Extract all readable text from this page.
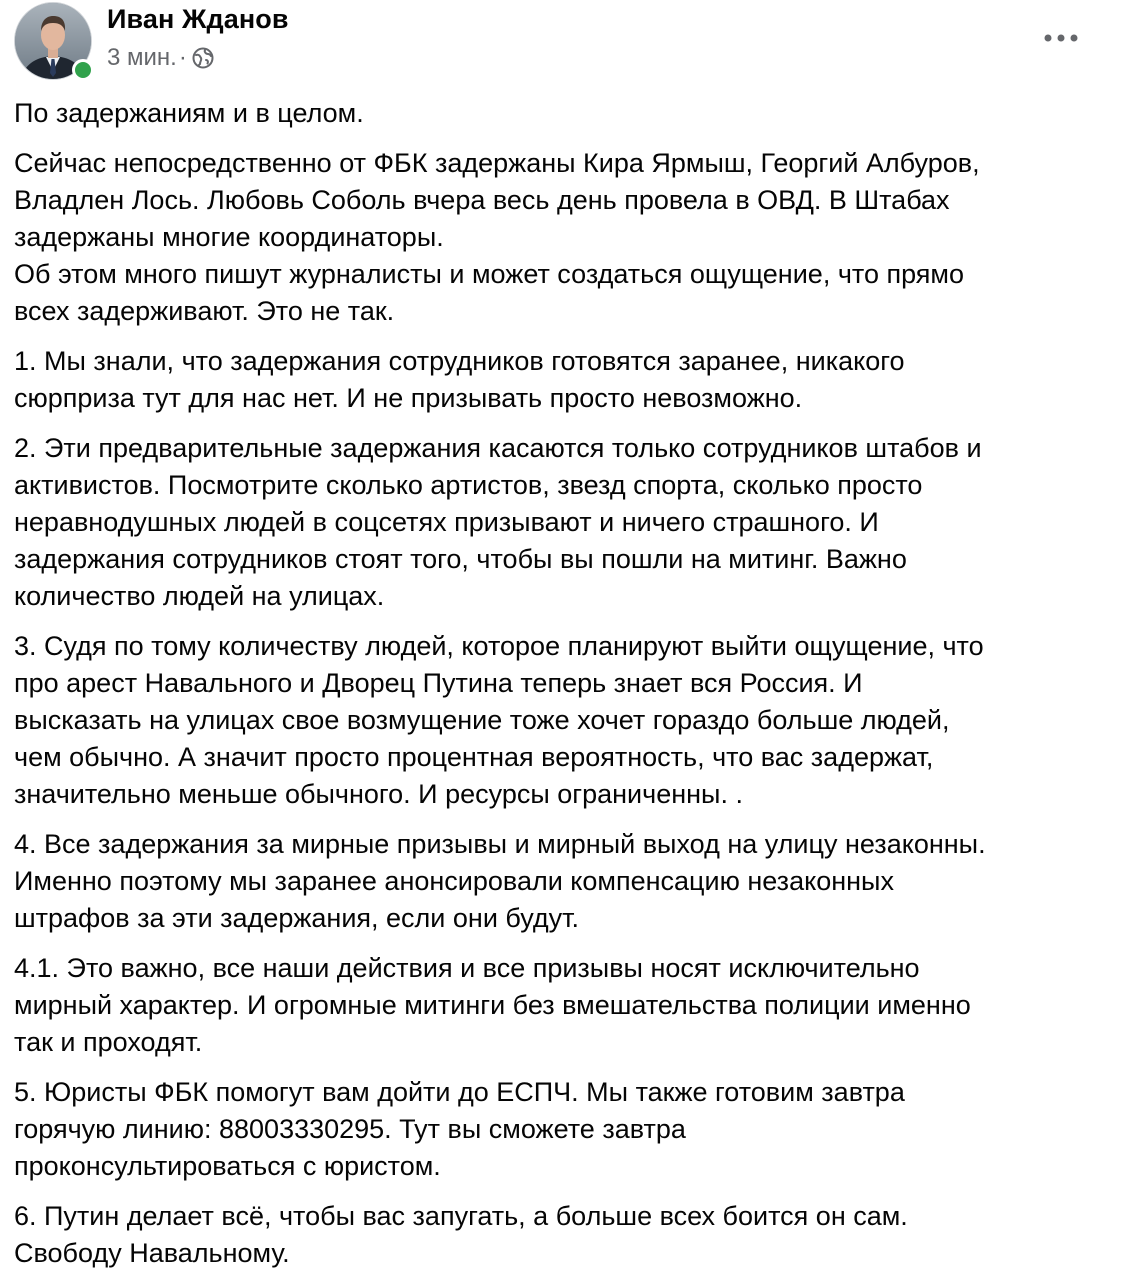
Иван Жданов
3 мин. ·

По задержаниям и в целом.

Сейчас непосредственно от ФБК задержаны Кира Ярмыш, Георгий Албуров,
Владлен Лось. Любовь Соболь вчера весь день провела в ОВД. В Штабах
задержаны многие координаторы.
Об этом много пишут журналисты и может создаться ощущение, что прямо
всех задерживают. Это не так.

1. Мы знали, что задержания сотрудников готовятся заранее, никакого
сюрприза тут для нас нет. И не призывать просто невозможно.

2. Эти предварительные задержания касаются только сотрудников штабов и
активистов. Посмотрите сколько артистов, звезд спорта, сколько просто
неравнодушных людей в соцсетях призывают и ничего страшного. И
задержания сотрудников стоят того, чтобы вы пошли на митинг. Важно
количество людей на улицах.

3. Судя по тому количеству людей, которое планируют выйти ощущение, что
про арест Навального и Дворец Путина теперь знает вся Россия. И
высказать на улицах свое возмущение тоже хочет гораздо больше людей,
чем обычно. А значит просто процентная вероятность, что вас задержат,
значительно меньше обычного. И ресурсы ограниченны. .

4. Все задержания за мирные призывы и мирный выход на улицу незаконны.
Именно поэтому мы заранее анонсировали компенсацию незаконных
штрафов за эти задержания, если они будут.

4.1. Это важно, все наши действия и все призывы носят исключительно
мирный характер. И огромные митинги без вмешательства полиции именно
так и проходят.

5. Юристы ФБК помогут вам дойти до ЕСПЧ. Мы также готовим завтра
горячую линию: 88003330295. Тут вы сможете завтра
проконсультироваться с юристом.

6. Путин делает всё, чтобы вас запугать, а больше всех боится он сам.
Свободу Навальному.
